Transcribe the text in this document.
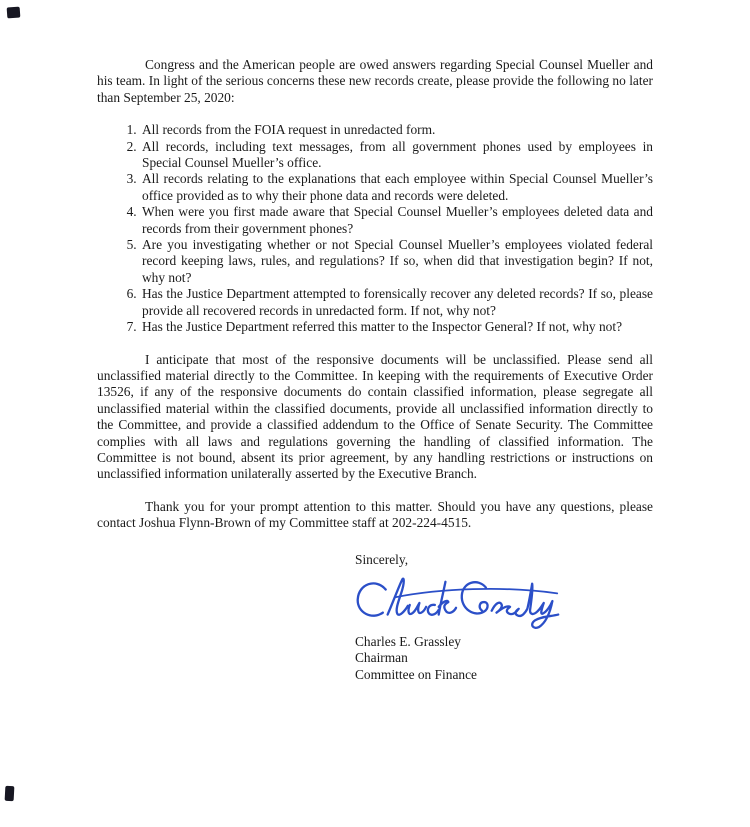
Congress and the American people are owed answers regarding Special Counsel Mueller and his team. In light of the serious concerns these new records create, please provide the following no later than September 25, 2020:

1. All records from the FOIA request in unredacted form.
2. All records, including text messages, from all government phones used by employees in Special Counsel Mueller’s office.
3. All records relating to the explanations that each employee within Special Counsel Mueller’s office provided as to why their phone data and records were deleted.
4. When were you first made aware that Special Counsel Mueller’s employees deleted data and records from their government phones?
5. Are you investigating whether or not Special Counsel Mueller’s employees violated federal record keeping laws, rules, and regulations? If so, when did that investigation begin? If not, why not?
6. Has the Justice Department attempted to forensically recover any deleted records? If so, please provide all recovered records in unredacted form. If not, why not?
7. Has the Justice Department referred this matter to the Inspector General? If not, why not?

I anticipate that most of the responsive documents will be unclassified. Please send all unclassified material directly to the Committee. In keeping with the requirements of Executive Order 13526, if any of the responsive documents do contain classified information, please segregate all unclassified material within the classified documents, provide all unclassified information directly to the Committee, and provide a classified addendum to the Office of Senate Security. The Committee complies with all laws and regulations governing the handling of classified information. The Committee is not bound, absent its prior agreement, by any handling restrictions or instructions on unclassified information unilaterally asserted by the Executive Branch.

Thank you for your prompt attention to this matter. Should you have any questions, please contact Joshua Flynn-Brown of my Committee staff at 202-224-4515.

Sincerely,
Charles E. Grassley
Chairman
Committee on Finance
